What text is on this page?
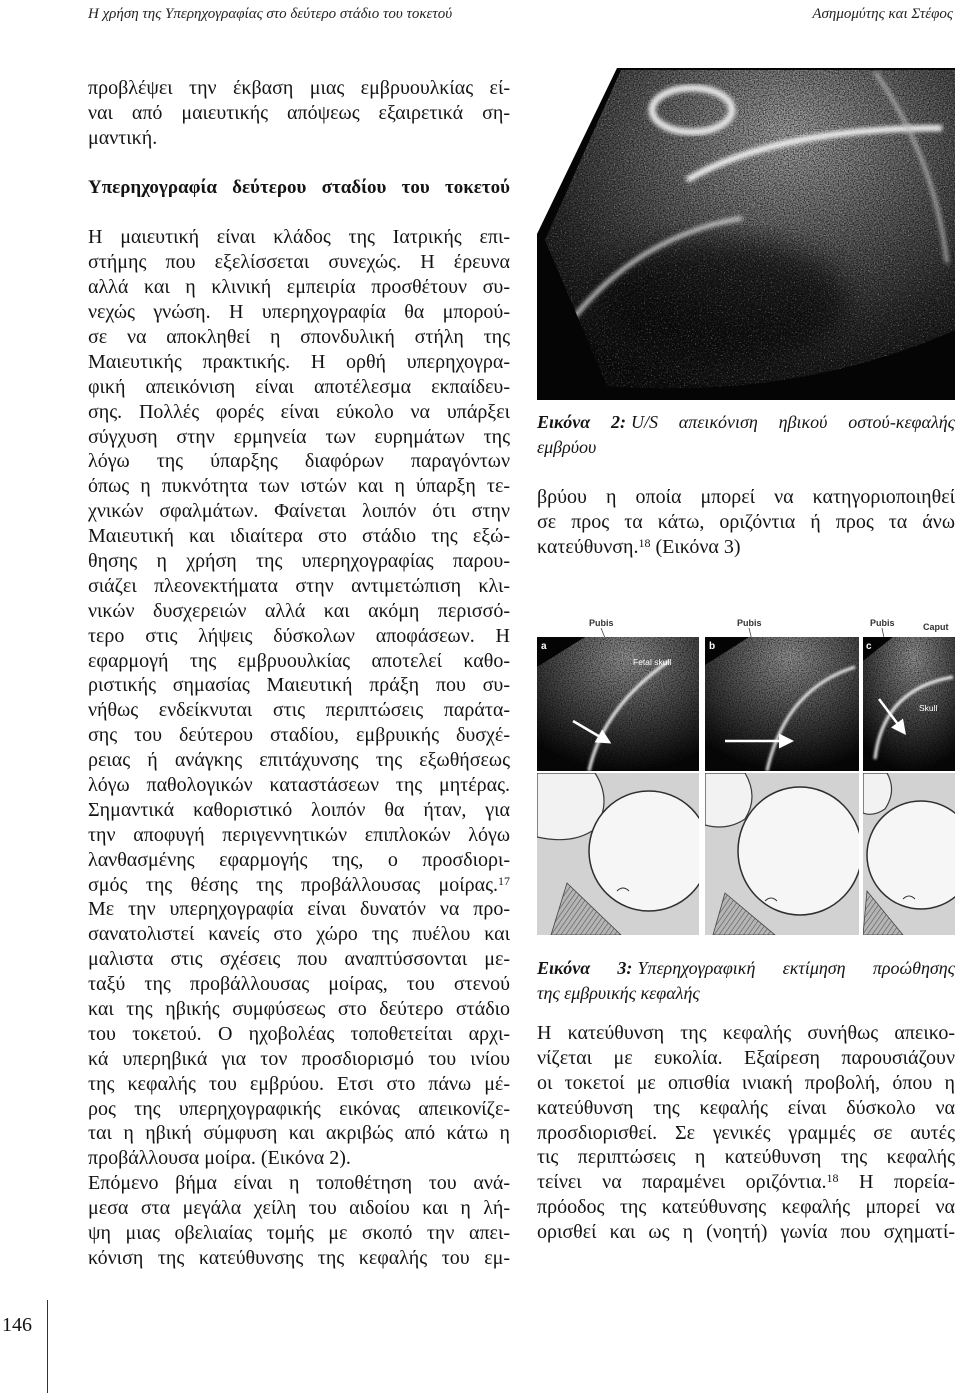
Η χρήση της Υπερηχογραφίας στο δεύτερο στάδιο του τοκετού	Ασημομύτης και Στέφος
προβλέψει την έκβαση μιας εμβρυουλκίας εί-
ναι από μαιευτικής απόψεως εξαιρετικά ση-
μαντική.
Υπερηχογραφία δεύτερου σταδίου του τοκετού
Η μαιευτική είναι κλάδος της Ιατρικής επι-
στήμης που εξελίσσεται συνεχώς. Η έρευνα
αλλά και η κλινική εμπειρία προσθέτουν συ-
νεχώς γνώση. Η υπερηχογραφία θα μπορού-
σε να αποκληθεί η σπονδυλική στήλη της
Μαιευτικής πρακτικής. Η ορθή υπερηχογρα-
φική απεικόνιση είναι αποτέλεσμα εκπαίδευ-
σης. Πολλές φορές είναι εύκολο να υπάρξει
σύγχυση στην ερμηνεία των ευρημάτων της
λόγω της ύπαρξης διαφόρων παραγόντων
όπως η πυκνότητα των ιστών και η ύπαρξη τε-
χνικών σφαλμάτων. Φαίνεται λοιπόν ότι στην
Μαιευτική και ιδιαίτερα στο στάδιο της εξώ-
θησης η χρήση της υπερηχογραφίας παρου-
σιάζει πλεονεκτήματα στην αντιμετώπιση κλι-
νικών δυσχερειών αλλά και ακόμη περισσό-
τερο στις λήψεις δύσκολων αποφάσεων. Η
εφαρμογή της εμβρυουλκίας αποτελεί καθο-
ριστικής σημασίας Μαιευτική πράξη που συ-
νήθως ενδείκνυται στις περιπτώσεις παράτα-
σης του δεύτερου σταδίου, εμβρυικής δυσχέ-
ρειας ή ανάγκης επιτάχυνσης της εξωθήσεως
λόγω παθολογικών καταστάσεων της μητέρας.
Σημαντικά καθοριστικό λοιπόν θα ήταν, για
την αποφυγή περιγεννητικών επιπλοκών λόγω
λανθασμένης εφαρμογής της, ο προσδιορι-
σμός της θέσης της προβάλλουσας μοίρας.$^{17}$
Με την υπερηχογραφία είναι δυνατόν να προ-
σανατολιστεί κανείς στο χώρο της πυέλου και
μαλιστα στις σχέσεις που αναπτύσσονται με-
ταξύ της προβάλλουσας μοίρας, του στενού
και της ηβικής συμφύσεως στο δεύτερο στάδιο
του τοκετού. Ο ηχοβολέας τοποθετείται αρχι-
κά υπερηβικά για τον προσδιορισμό του ινίου
της κεφαλής του εμβρύου. Ετσι στο πάνω μέ-
ρος της υπερηχογραφικής εικόνας απεικονίζε-
ται η ηβική σύμφυση και ακριβώς από κάτω η
προβάλλουσα μοίρα. (Εικόνα 2).
Επόμενο βήμα είναι η τοποθέτηση του ανά-
μεσα στα μεγάλα χείλη του αιδοίου και η λή-
ψη μιας οβελιαίας τομής με σκοπό την απει-
κόνιση της κατεύθυνσης της κεφαλής του εμ-
Εικόνα 2: U/S απεικόνιση ηβικού οστού-κεφαλής
εμβρύου
βρύου η οποία μπορεί να κατηγοριοποιηθεί
σε προς τα κάτω, οριζόντια ή προς τα άνω
κατεύθυνση.$^{18}$ (Εικόνα 3)
Pubis	Pubis	Pubis	Caput
a
Fetal skull
b	c
Skull
Εικόνα 3: Υπερηχογραφική εκτίμηση προώθησης
της εμβρυικής κεφαλής
Η κατεύθυνση της κεφαλής συνήθως απεικο-
νίζεται με ευκολία. Εξαίρεση παρουσιάζουν
οι τοκετοί με οπισθία ινιακή προβολή, όπου η
κατεύθυνση της κεφαλής είναι δύσκολο να
προσδιορισθεί. Σε γενικές γραμμές σε αυτές
τις περιπτώσεις η κατεύθυνση της κεφαλής
τείνει να παραμένει οριζόντια.$^{18}$ Η πορεία-
πρόοδος της κατεύθυνσης κεφαλής μπορεί να
ορισθεί και ως η (νοητή) γωνία που σχηματί-
146
